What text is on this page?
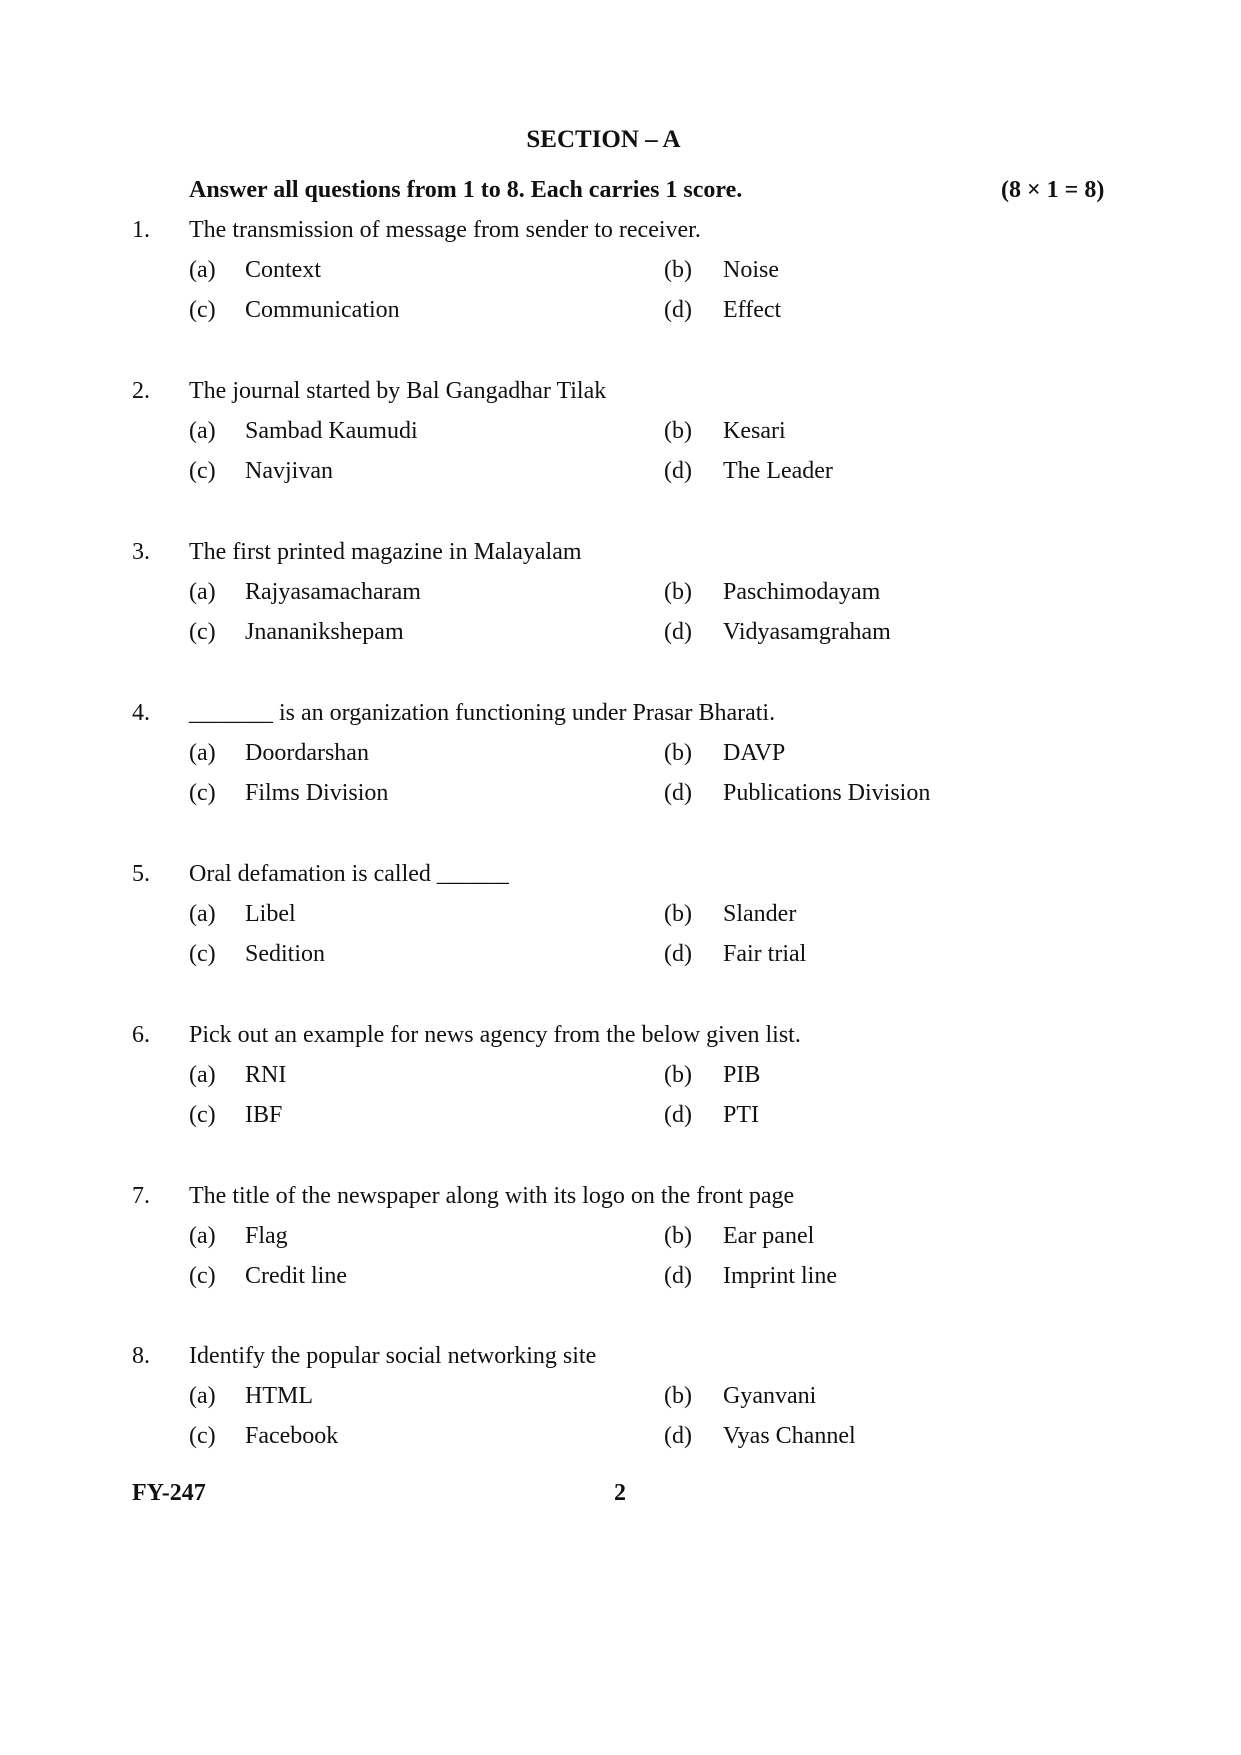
SECTION – A
Answer all questions from 1 to 8. Each carries 1 score.	(8 × 1 = 8)
1. The transmission of message from sender to receiver.
(a) Context	(b) Noise
(c) Communication	(d) Effect
2. The journal started by Bal Gangadhar Tilak
(a) Sambad Kaumudi	(b) Kesari
(c) Navjivan	(d) The Leader
3. The first printed magazine in Malayalam
(a) Rajyasamacharam	(b) Paschimodayam
(c) Jnananikshepam	(d) Vidyasamgraham
4. _______ is an organization functioning under Prasar Bharati.
(a) Doordarshan	(b) DAVP
(c) Films Division	(d) Publications Division
5. Oral defamation is called ______
(a) Libel	(b) Slander
(c) Sedition	(d) Fair trial
6. Pick out an example for news agency from the below given list.
(a) RNI	(b) PIB
(c) IBF	(d) PTI
7. The title of the newspaper along with its logo on the front page
(a) Flag	(b) Ear panel
(c) Credit line	(d) Imprint line
8. Identify the popular social networking site
(a) HTML	(b) Gyanvani
(c) Facebook	(d) Vyas Channel
FY-247	2
